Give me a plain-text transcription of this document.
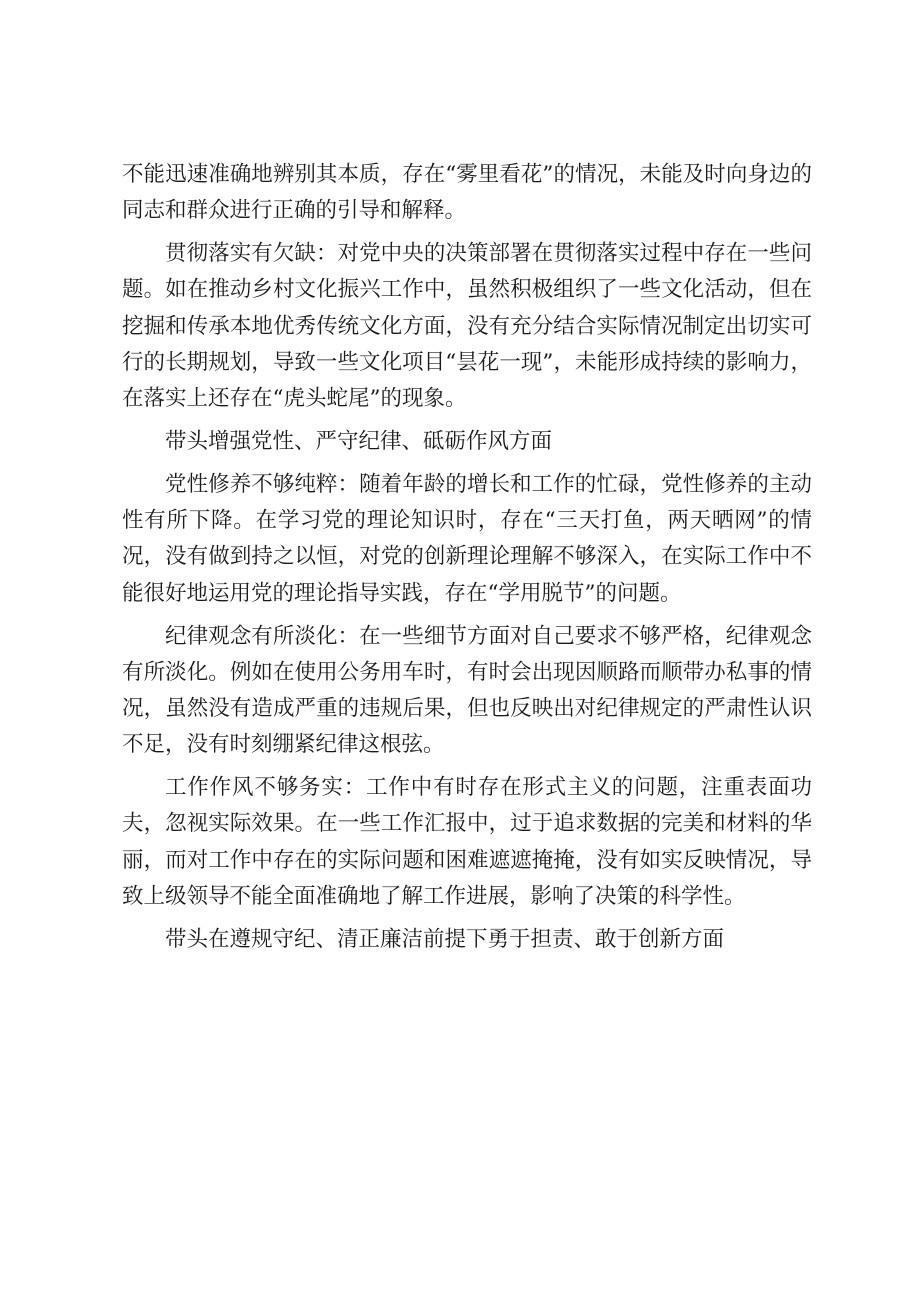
不能迅速准确地辨别其本质，存在“雾里看花”的情况，未能及时向身边的同志和群众进行正确的引导和解释。

贯彻落实有欠缺：对党中央的决策部署在贯彻落实过程中存在一些问题。如在推动乡村文化振兴工作中，虽然积极组织了一些文化活动，但在挖掘和传承本地优秀传统文化方面，没有充分结合实际情况制定出切实可行的长期规划，导致一些文化项目“昙花一现”，未能形成持续的影响力，在落实上还存在“虎头蛇尾”的现象。

带头增强党性、严守纪律、砥砺作风方面

党性修养不够纯粹：随着年龄的增长和工作的忙碌，党性修养的主动性有所下降。在学习党的理论知识时，存在“三天打鱼，两天晒网”的情况，没有做到持之以恒，对党的创新理论理解不够深入，在实际工作中不能很好地运用党的理论指导实践，存在“学用脱节”的问题。

纪律观念有所淡化：在一些细节方面对自己要求不够严格，纪律观念有所淡化。例如在使用公务用车时，有时会出现因顺路而顺带办私事的情况，虽然没有造成严重的违规后果，但也反映出对纪律规定的严肃性认识不足，没有时刻绷紧纪律这根弦。

工作作风不够务实：工作中有时存在形式主义的问题，注重表面功夫，忽视实际效果。在一些工作汇报中，过于追求数据的完美和材料的华丽，而对工作中存在的实际问题和困难遮遮掩掩，没有如实反映情况，导致上级领导不能全面准确地了解工作进展，影响了决策的科学性。

带头在遵规守纪、清正廉洁前提下勇于担责、敢于创新方面
